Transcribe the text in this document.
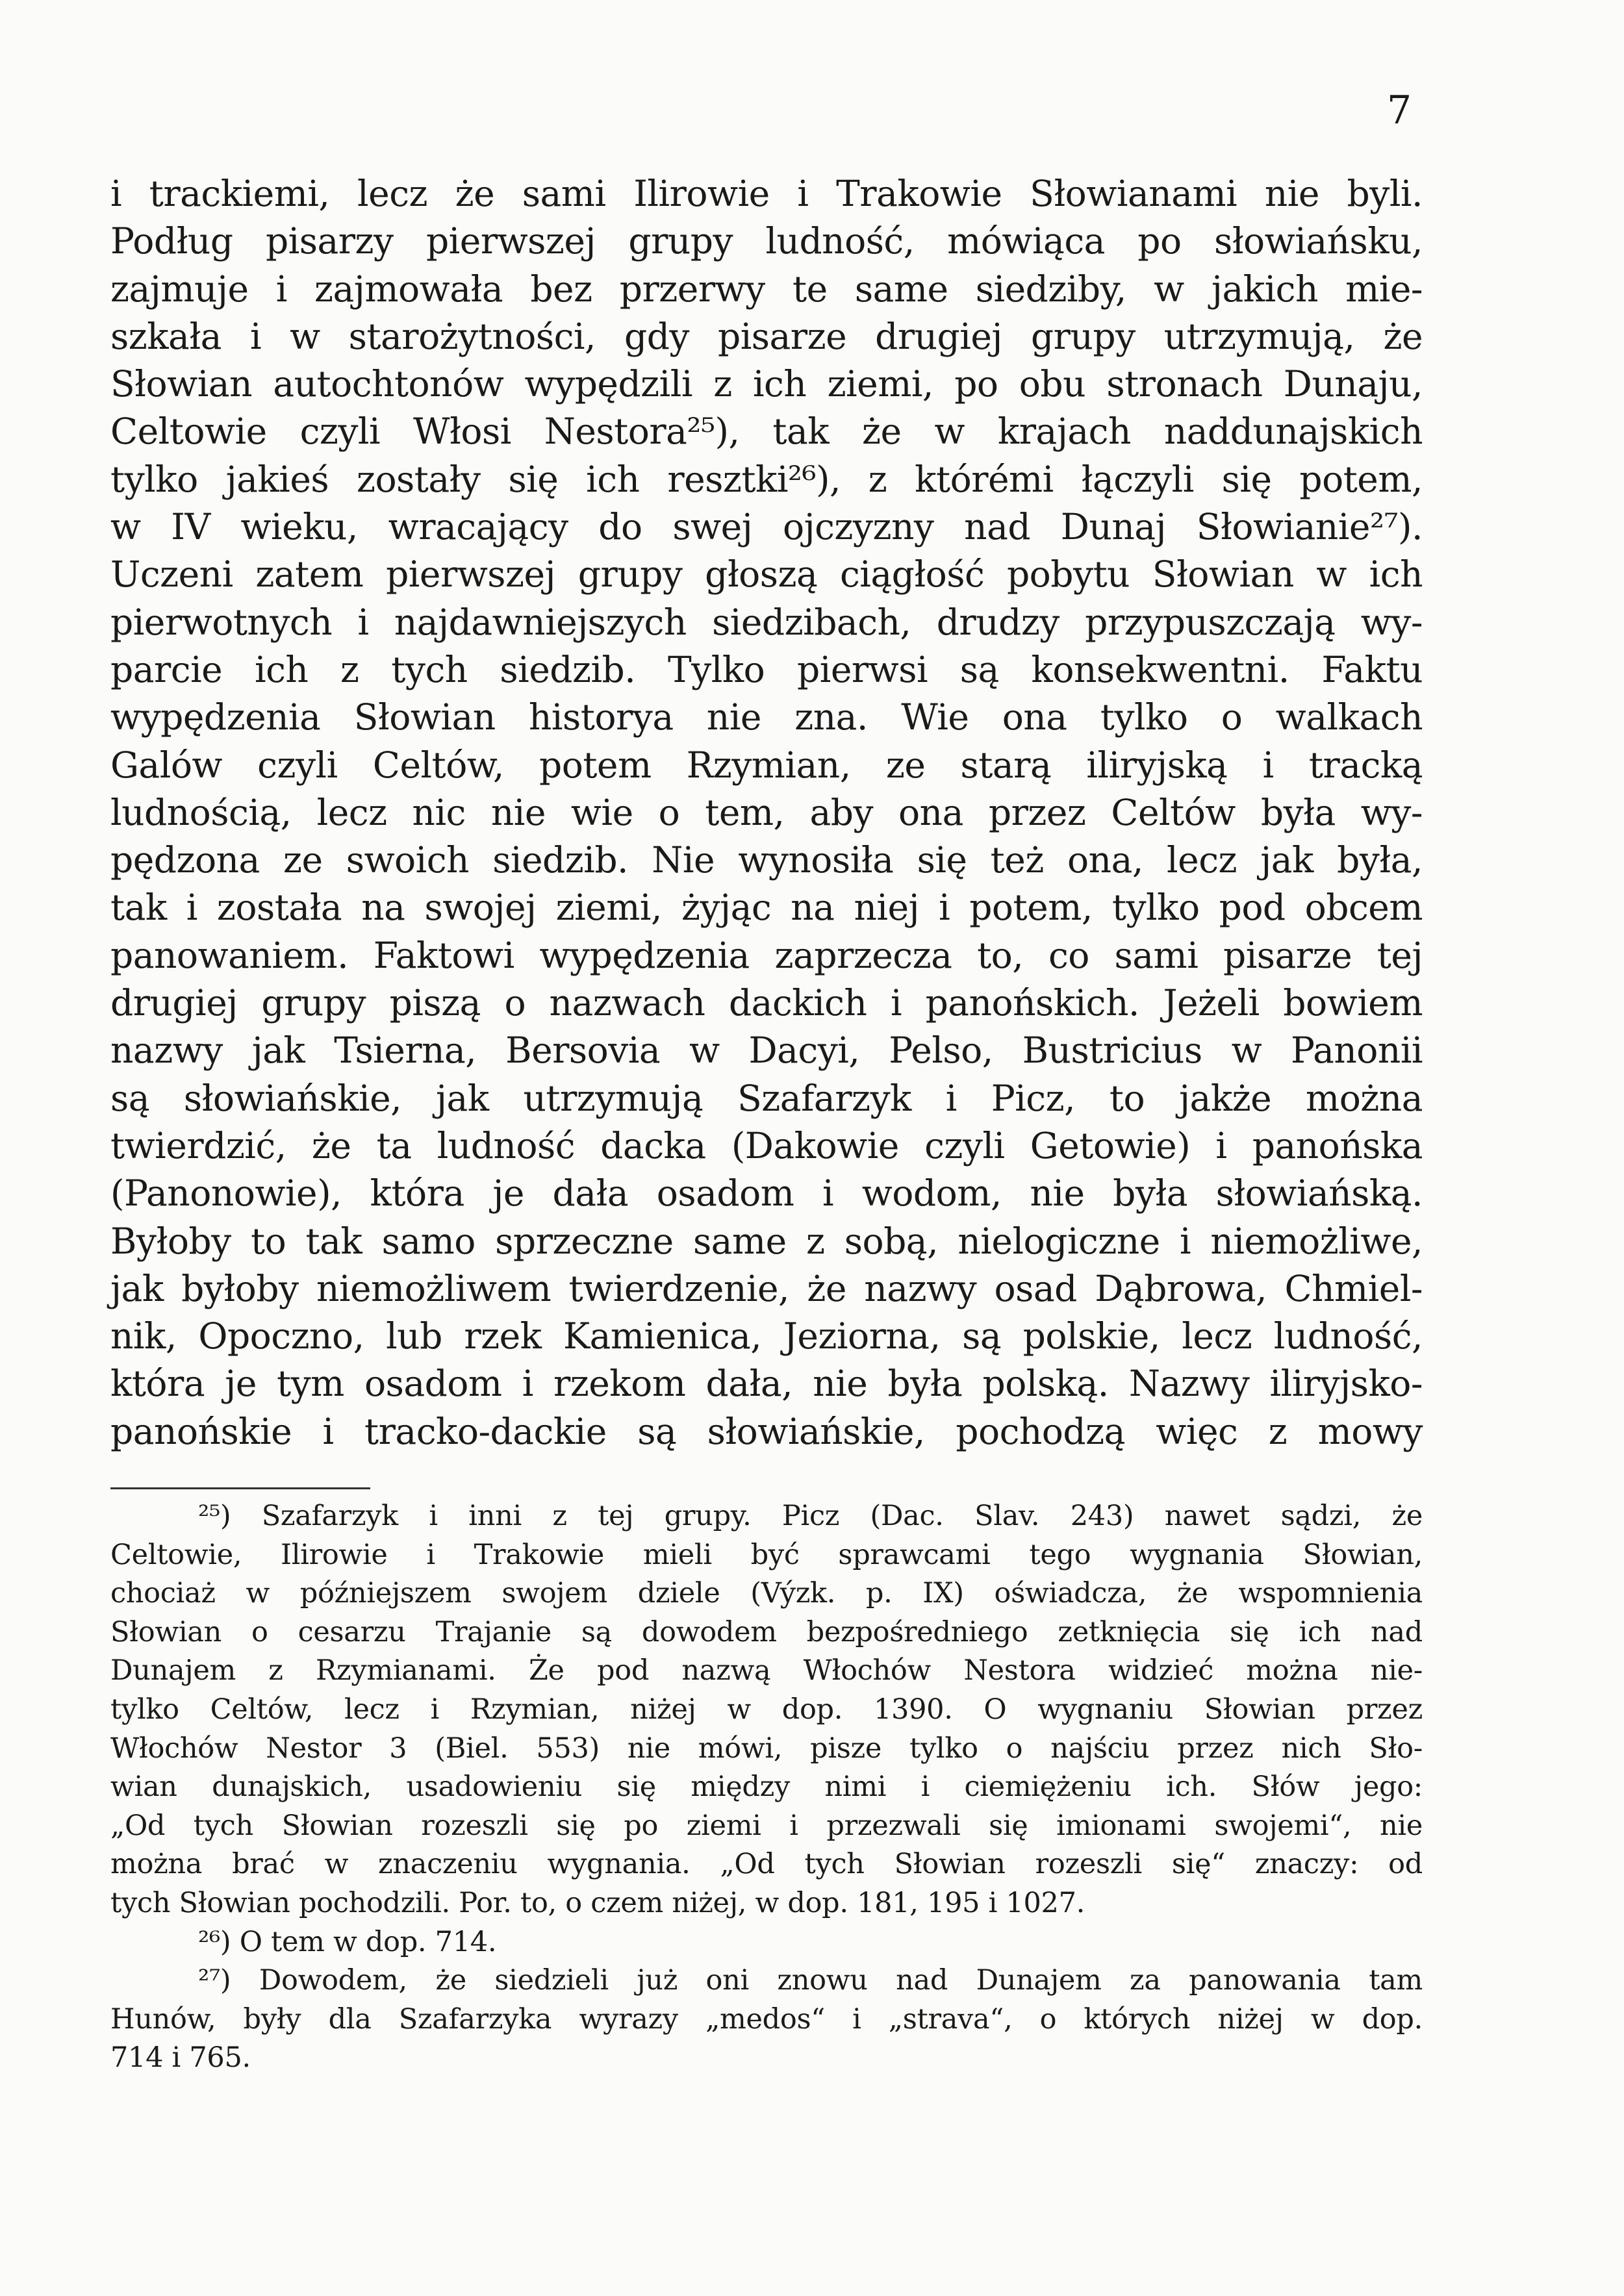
7
i trackiemi, lecz że sami Ilirowie i Trakowie Słowianami nie byli.
Podług pisarzy pierwszej grupy ludność, mówiąca po słowiańsku,
zajmuje i zajmowała bez przerwy te same siedziby, w jakich mie-
szkała i w starożytności, gdy pisarze drugiej grupy utrzymują, że
Słowian autochtonów wypędzili z ich ziemi, po obu stronach Dunaju,
Celtowie czyli Włosi Nestora²⁵), tak że w krajach naddunajskich
tylko jakieś zostały się ich resztki²⁶), z którémi łączyli się potem,
w IV wieku, wracający do swej ojczyzny nad Dunaj Słowianie²⁷).
Uczeni zatem pierwszej grupy głoszą ciągłość pobytu Słowian w ich
pierwotnych i najdawniejszych siedzibach, drudzy przypuszczają wy-
parcie ich z tych siedzib. Tylko pierwsi są konsekwentni. Faktu
wypędzenia Słowian historya nie zna. Wie ona tylko o walkach
Galów czyli Celtów, potem Rzymian, ze starą iliryjską i tracką
ludnością, lecz nic nie wie o tem, aby ona przez Celtów była wy-
pędzona ze swoich siedzib. Nie wynosiła się też ona, lecz jak była,
tak i została na swojej ziemi, żyjąc na niej i potem, tylko pod obcem
panowaniem. Faktowi wypędzenia zaprzecza to, co sami pisarze tej
drugiej grupy piszą o nazwach dackich i panońskich. Jeżeli bowiem
nazwy jak Tsierna, Bersovia w Dacyi, Pelso, Bustricius w Panonii
są słowiańskie, jak utrzymują Szafarzyk i Picz, to jakże można
twierdzić, że ta ludność dacka (Dakowie czyli Getowie) i panońska
(Panonowie), która je dała osadom i wodom, nie była słowiańską.
Byłoby to tak samo sprzeczne same z sobą, nielogiczne i niemożliwe,
jak byłoby niemożliwem twierdzenie, że nazwy osad Dąbrowa, Chmiel-
nik, Opoczno, lub rzek Kamienica, Jeziorna, są polskie, lecz ludność,
która je tym osadom i rzekom dała, nie była polską. Nazwy iliryjsko-
panońskie i tracko-dackie są słowiańskie, pochodzą więc z mowy
²⁵) Szafarzyk i inni z tej grupy. Picz (Dac. Slav. 243) nawet sądzi, że
Celtowie, Ilirowie i Trakowie mieli być sprawcami tego wygnania Słowian,
chociaż w późniejszem swojem dziele (Výzk. p. IX) oświadcza, że wspomnienia
Słowian o cesarzu Trajanie są dowodem bezpośredniego zetknięcia się ich nad
Dunajem z Rzymianami. Że pod nazwą Włochów Nestora widzieć można nie-
tylko Celtów, lecz i Rzymian, niżej w dop. 1390. O wygnaniu Słowian przez
Włochów Nestor 3 (Biel. 553) nie mówi, pisze tylko o najściu przez nich Sło-
wian dunajskich, usadowieniu się między nimi i ciemiężeniu ich. Słów jego:
„Od tych Słowian rozeszli się po ziemi i przezwali się imionami swojemi“, nie
można brać w znaczeniu wygnania. „Od tych Słowian rozeszli się“ znaczy: od
tych Słowian pochodzili. Por. to, o czem niżej, w dop. 181, 195 i 1027.
²⁶) O tem w dop. 714.
²⁷) Dowodem, że siedzieli już oni znowu nad Dunajem za panowania tam
Hunów, były dla Szafarzyka wyrazy „medos“ i „strava“, o których niżej w dop.
714 i 765.
